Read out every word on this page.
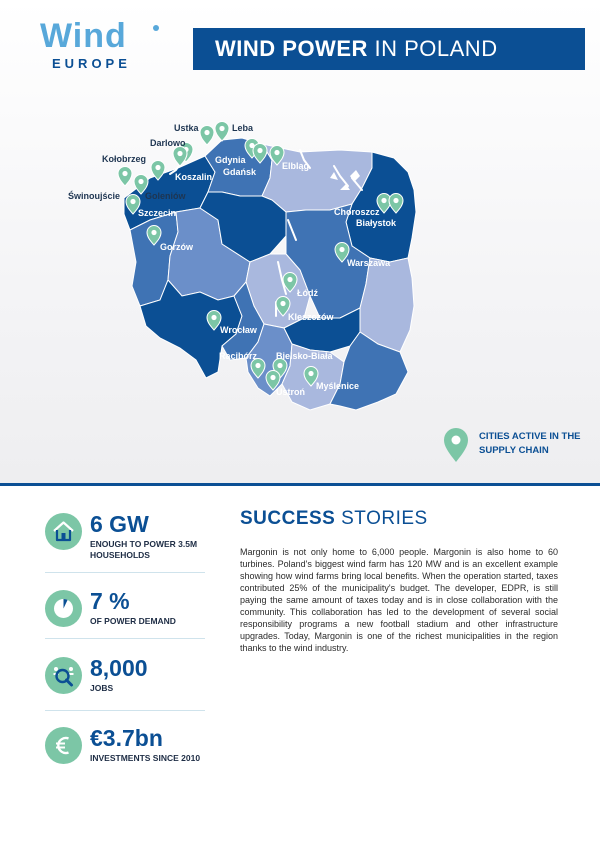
Wind
EUROPE
WIND POWER IN POLAND
Ustka	Leba
Darlowo
Kołobrzeg	Gdynia
Gdańsk
Koszalin
Elbląg
Świnoujście	Goleniów
Szczecin	Choroszcz
Białystok
Gorzów
Warszawa
Łódź
Kleszczów
Wrocław
Racibórz Bielsko-Biała
Myślenice
Ustroń
CITIES ACTIVE IN THE SUPPLY CHAIN
6 GW
ENOUGH TO POWER 3.5M HOUSEHOLDS
7 %
OF POWER DEMAND
8,000
JOBS
€3.7bn
INVESTMENTS SINCE 2010
SUCCESS STORIES
Margonin is not only home to 6,000 people. Margonin is also home to 60 turbines. Poland's biggest wind farm has 120 MW and is an excellent example showing how wind farms bring local benefits. When the operation started, taxes contributed 25% of the municipality's budget. The developer, EDPR, is still paying the same amount of taxes today and is in close collaboration with the community. This collaboration has led to the development of several social responsibility programs a new football stadium and other infrastructure upgrades. Today, Margonin is one of the richest municipalities in the region thanks to the wind industry.
